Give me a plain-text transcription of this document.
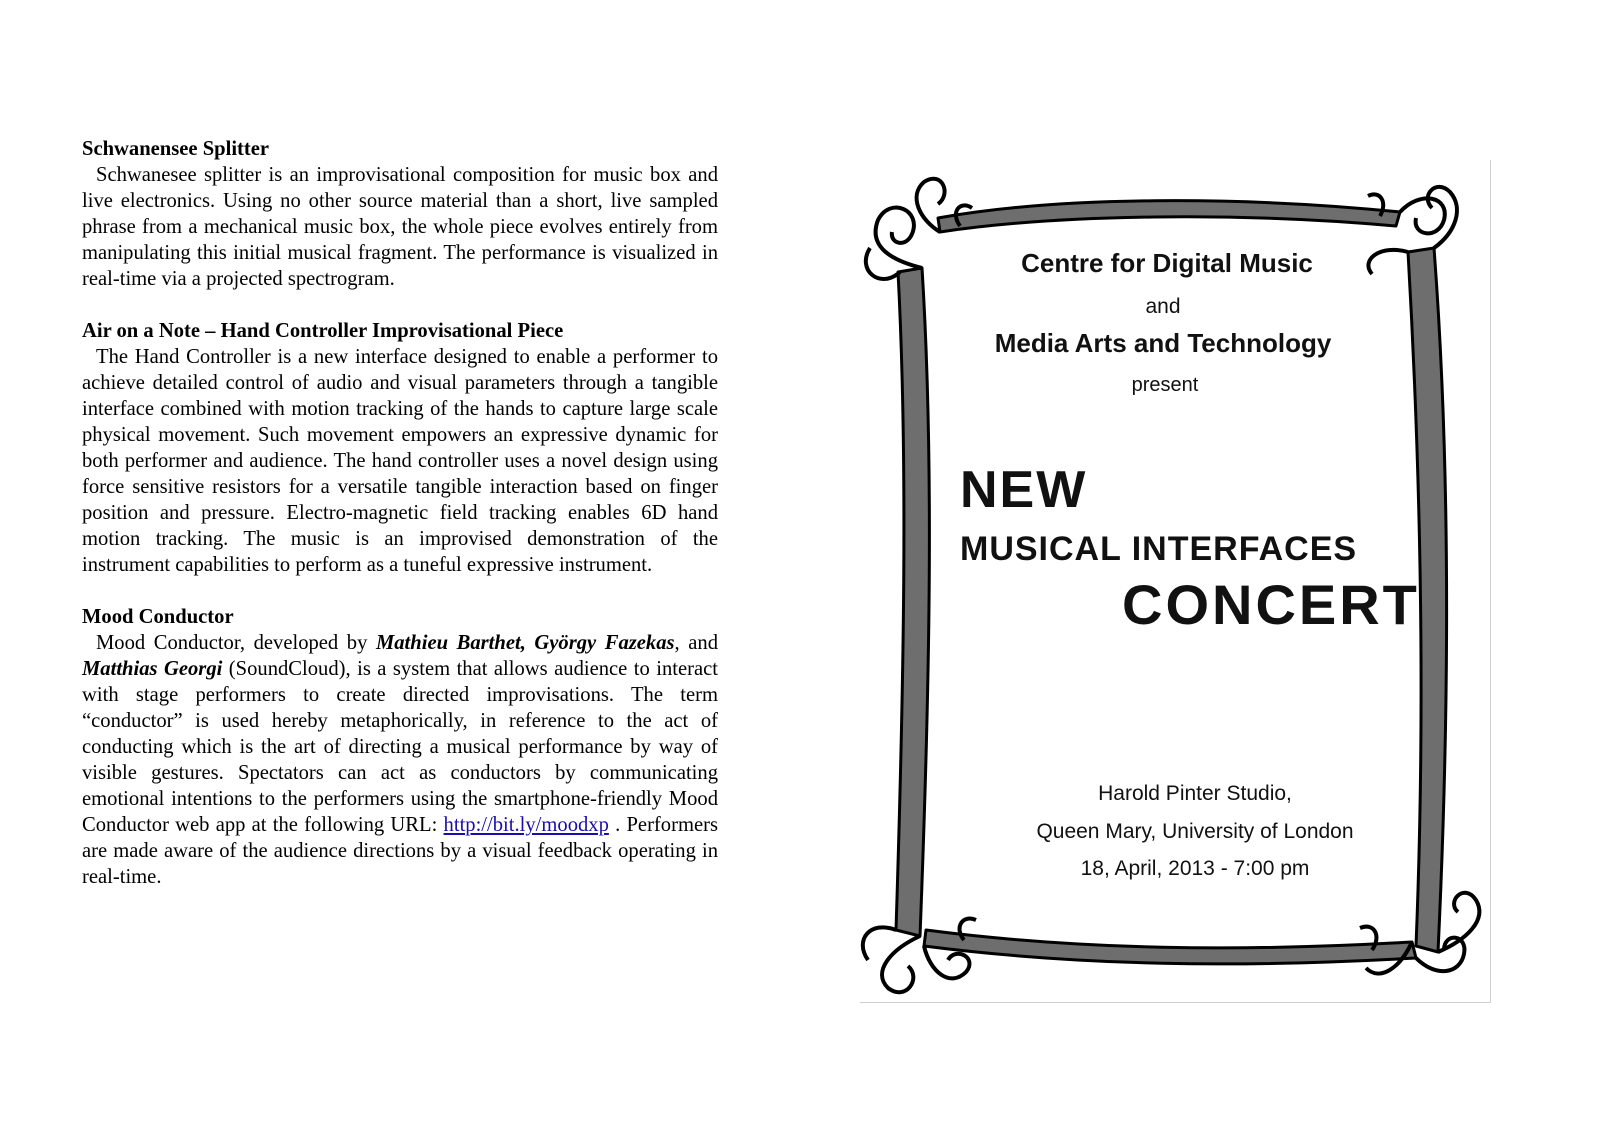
Schwanensee Splitter

Schwanesee splitter is an improvisational composition for music box and live electronics. Using no other source material than a short, live sampled phrase from a mechanical music box, the whole piece evolves entirely from manipulating this initial musical fragment. The performance is visualized in real-time via a projected spectrogram.

Air on a Note – Hand Controller Improvisational Piece

The Hand Controller is a new interface designed to enable a performer to achieve detailed control of audio and visual parameters through a tangible interface combined with motion tracking of the hands to capture large scale physical movement. Such movement empowers an expressive dynamic for both performer and audience. The hand controller uses a novel design using force sensitive resistors for a versatile tangible interaction based on finger position and pressure. Electro-magnetic field tracking enables 6D hand motion tracking. The music is an improvised demonstration of the instrument capabilities to perform as a tuneful expressive instrument.

Mood Conductor

Mood Conductor, developed by Mathieu Barthet, György Fazekas, and Matthias Georgi (SoundCloud), is a system that allows audience to interact with stage performers to create directed improvisations. The term “conductor” is used hereby metaphorically, in reference to the act of conducting which is the art of directing a musical performance by way of visible gestures. Spectators can act as conductors by communicating emotional intentions to the performers using the smartphone-friendly Mood Conductor web app at the following URL: http://bit.ly/moodxp . Performers are made aware of the audience directions by a visual feedback operating in real-time.

Centre for Digital Music
and
Media Arts and Technology
present
NEW
MUSICAL INTERFACES
CONCERT
Harold Pinter Studio,
Queen Mary, University of London
18, April, 2013 - 7:00 pm
